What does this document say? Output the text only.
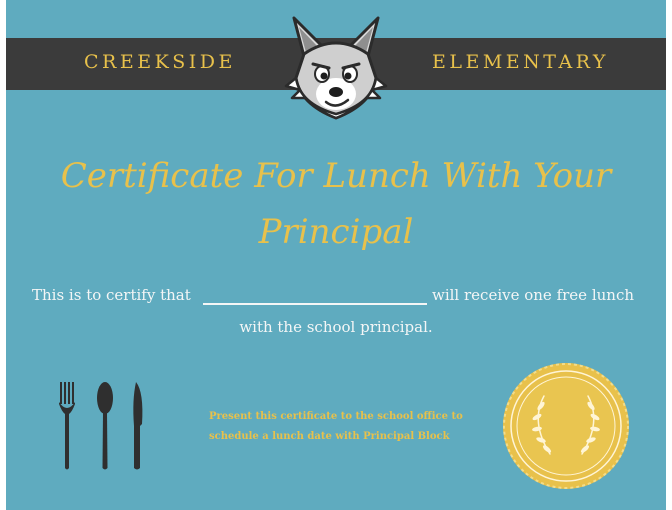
CREEKSIDE	ELEMENTARY
Certificate For Lunch With Your
Principal
This is to certify that	will receive one free lunch
with the school principal.
Present this certificate to the school office to
schedule a lunch date with Principal Block
